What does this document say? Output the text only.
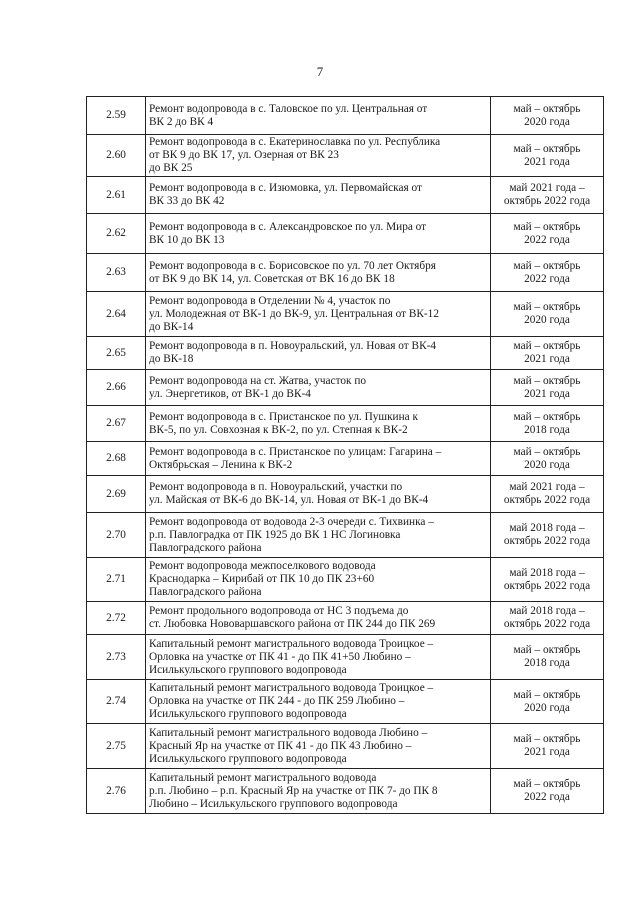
7
2.59	Ремонт водопровода в с. Таловское по ул. Центральная от
ВК 2 до ВК 4	май – октябрь
2020 года

2.60	Ремонт водопровода в с. Екатеринославка по ул. Республика
от ВК 9 до ВК 17, ул. Озерная от ВК 23
до ВК 25	май – октябрь
2021 года

2.61	Ремонт водопровода в с. Изюмовка, ул. Первомайская от
ВК 33 до ВК 42	май 2021 года –
октябрь 2022 года

2.62	Ремонт водопровода в с. Александровское по ул. Мира от
ВК 10 до ВК 13	май – октябрь
2022 года

2.63	Ремонт водопровода в с. Борисовское по ул. 70 лет Октября
от ВК 9 до ВК 14, ул. Советская от ВК 16 до ВК 18	май – октябрь
2022 года

2.64	Ремонт водопровода в Отделении № 4, участок по
ул. Молодежная от ВК-1 до ВК-9, ул. Центральная от ВК-12
до ВК-14	май – октябрь
2020 года

2.65	Ремонт водопровода в п. Новоуральский, ул. Новая от ВК-4
до ВК-18	май – октябрь
2021 года

2.66	Ремонт водопровода на ст. Жатва, участок по
ул. Энергетиков, от ВК-1 до ВК-4	май – октябрь
2021 года

2.67	Ремонт водопровода в с. Пристанское по ул. Пушкина к
ВК-5, по ул. Совхозная к ВК-2, по ул. Степная к ВК-2	май – октябрь
2018 года

2.68	Ремонт водопровода в с. Пристанское по улицам: Гагарина –
Октябрьская – Ленина к ВК-2	май – октябрь
2020 года

2.69	Ремонт водопровода в п. Новоуральский, участки по
ул. Майская от ВК-6 до ВК-14, ул. Новая от ВК-1 до ВК-4	май 2021 года –
октябрь 2022 года

2.70	Ремонт водопровода от водовода 2-3 очереди с. Тихвинка –
р.п. Павлоградка от ПК 1925 до ВК 1 НС Логиновка
Павлоградского района	май 2018 года –
октябрь 2022 года

2.71	Ремонт водопровода межпоселкового водовода
Краснодарка – Кирибай от ПК 10 до ПК 23+60
Павлоградского района	май 2018 года –
октябрь 2022 года

2.72	Ремонт продольного водопровода от НС 3 подъема до
ст. Любовка Нововаршавского района от ПК 244 до ПК 269	май 2018 года –
октябрь 2022 года

2.73	Капитальный ремонт магистрального водовода Троицкое –
Орловка на участке от ПК 41 - до ПК 41+50 Любино –
Исилькульского группового водопровода	май – октябрь
2018 года

2.74	Капитальный ремонт магистрального водовода Троицкое –
Орловка на участке от ПК 244 - до ПК 259 Любино –
Исилькульского группового водопровода	май – октябрь
2020 года

2.75	Капитальный ремонт магистрального водовода Любино –
Красный Яр на участке от ПК 41 - до ПК 43 Любино –
Исилькульского группового водопровода	май – октябрь
2021 года

2.76	Капитальный ремонт магистрального водовода
р.п. Любино – р.п. Красный Яр на участке от ПК 7- до ПК 8
Любино – Исилькульского группового водопровода	май – октябрь
2022 года
